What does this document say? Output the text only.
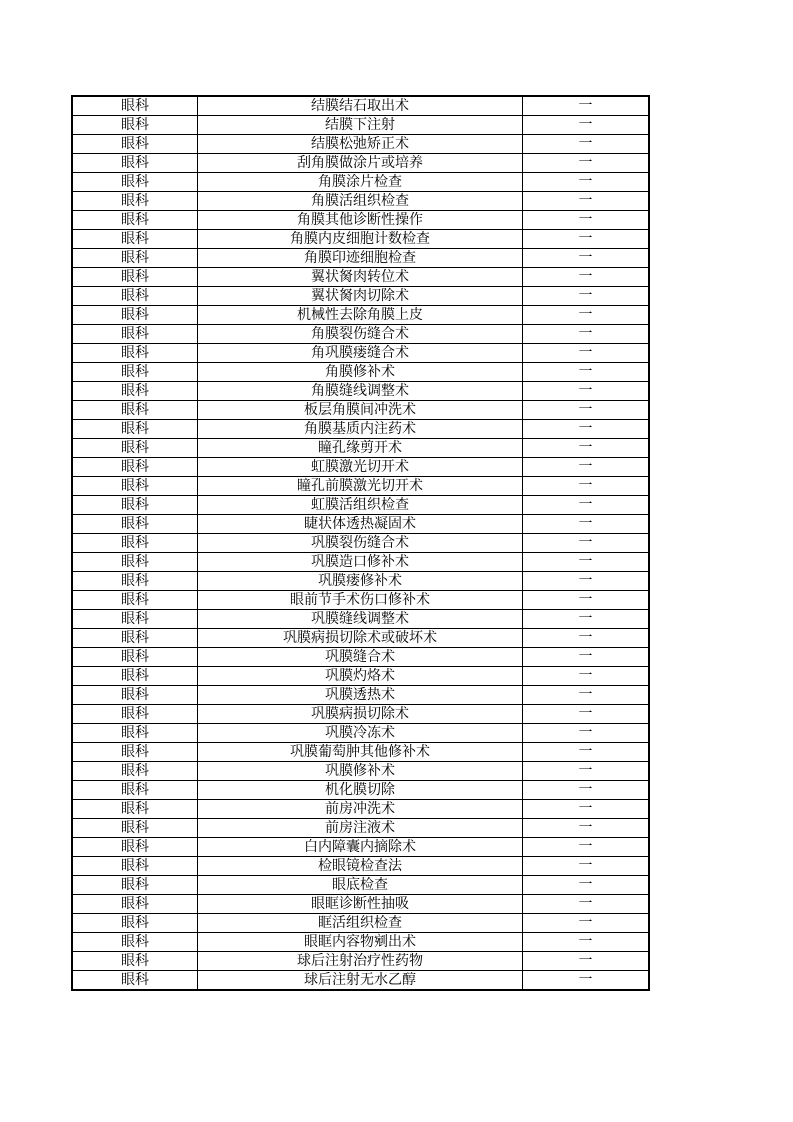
眼科	结膜结石取出术	一
眼科	结膜下注射	一
眼科	结膜松弛矫正术	一
眼科	刮角膜做涂片或培养	一
眼科	角膜涂片检查	一
眼科	角膜活组织检查	一
眼科	角膜其他诊断性操作	一
眼科	角膜内皮细胞计数检查	一
眼科	角膜印迹细胞检查	一
眼科	翼状胬肉转位术	一
眼科	翼状胬肉切除术	一
眼科	机械性去除角膜上皮	一
眼科	角膜裂伤缝合术	一
眼科	角巩膜瘘缝合术	一
眼科	角膜修补术	一
眼科	角膜缝线调整术	一
眼科	板层角膜间冲洗术	一
眼科	角膜基质内注药术	一
眼科	瞳孔缘剪开术	一
眼科	虹膜激光切开术	一
眼科	瞳孔前膜激光切开术	一
眼科	虹膜活组织检查	一
眼科	睫状体透热凝固术	一
眼科	巩膜裂伤缝合术	一
眼科	巩膜造口修补术	一
眼科	巩膜瘘修补术	一
眼科	眼前节手术伤口修补术	一
眼科	巩膜缝线调整术	一
眼科	巩膜病损切除术或破坏术	一
眼科	巩膜缝合术	一
眼科	巩膜灼烙术	一
眼科	巩膜透热术	一
眼科	巩膜病损切除术	一
眼科	巩膜冷冻术	一
眼科	巩膜葡萄肿其他修补术	一
眼科	巩膜修补术	一
眼科	机化膜切除	一
眼科	前房冲洗术	一
眼科	前房注液术	一
眼科	白内障囊内摘除术	一
眼科	检眼镜检查法	一
眼科	眼底检查	一
眼科	眼眶诊断性抽吸	一
眼科	眶活组织检查	一
眼科	眼眶内容物剜出术	一
眼科	球后注射治疗性药物	一
眼科	球后注射无水乙醇	一
